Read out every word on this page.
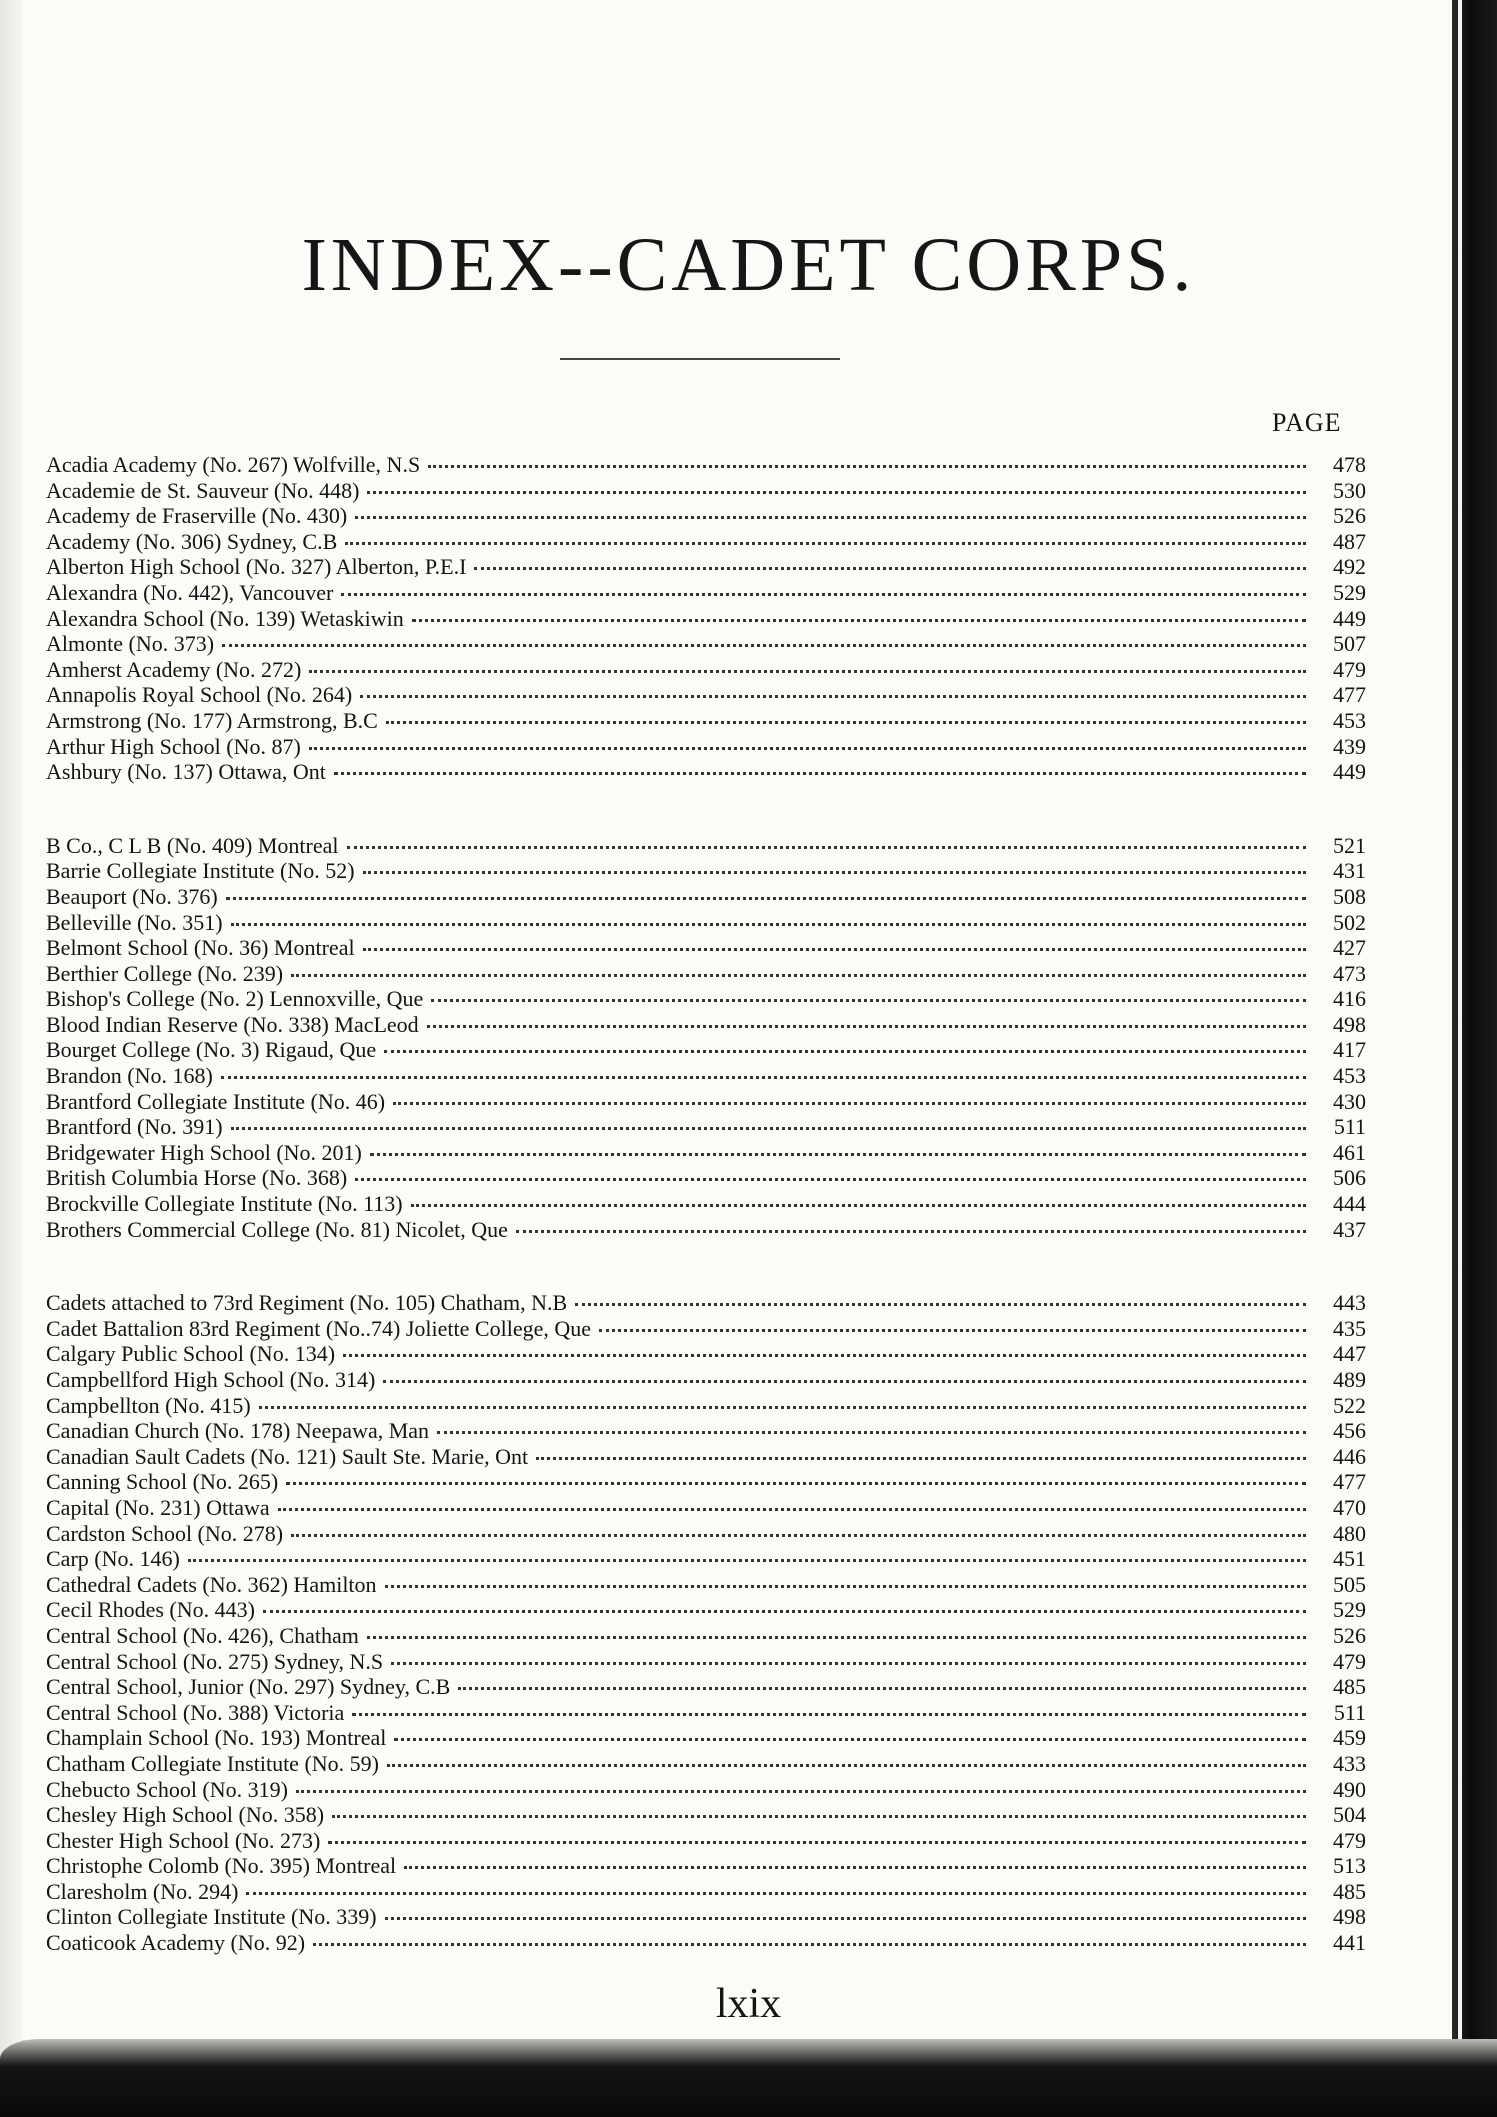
INDEX--CADET CORPS.
PAGE
Acadia Academy (No. 267) Wolfville, N.S	478
Academie de St. Sauveur (No. 448)	530
Academy de Fraserville (No. 430)	526
Academy (No. 306) Sydney, C.B	487
Alberton High School (No. 327) Alberton, P.E.I	492
Alexandra (No. 442), Vancouver	529
Alexandra School (No. 139) Wetaskiwin	449
Almonte (No. 373)	507
Amherst Academy (No. 272)	479
Annapolis Royal School (No. 264)	477
Armstrong (No. 177) Armstrong, B.C	453
Arthur High School (No. 87)	439
Ashbury (No. 137) Ottawa, Ont	449
B Co., C L B (No. 409) Montreal	521
Barrie Collegiate Institute (No. 52)	431
Beauport (No. 376)	508
Belleville (No. 351)	502
Belmont School (No. 36) Montreal	427
Berthier College (No. 239)	473
Bishop's College (No. 2) Lennoxville, Que	416
Blood Indian Reserve (No. 338) MacLeod	498
Bourget College (No. 3) Rigaud, Que	417
Brandon (No. 168)	453
Brantford Collegiate Institute (No. 46)	430
Brantford (No. 391)	511
Bridgewater High School (No. 201)	461
British Columbia Horse (No. 368)	506
Brockville Collegiate Institute (No. 113)	444
Brothers Commercial College (No. 81) Nicolet, Que	437
Cadets attached to 73rd Regiment (No. 105) Chatham, N.B	443
Cadet Battalion 83rd Regiment (No..74) Joliette College, Que	435
Calgary Public School (No. 134)	447
Campbellford High School (No. 314)	489
Campbellton (No. 415)	522
Canadian Church (No. 178) Neepawa, Man	456
Canadian Sault Cadets (No. 121) Sault Ste. Marie, Ont	446
Canning School (No. 265)	477
Capital (No. 231) Ottawa	470
Cardston School (No. 278)	480
Carp (No. 146)	451
Cathedral Cadets (No. 362) Hamilton	505
Cecil Rhodes (No. 443)	529
Central School (No. 426), Chatham	526
Central School (No. 275) Sydney, N.S	479
Central School, Junior (No. 297) Sydney, C.B	485
Central School (No. 388) Victoria	511
Champlain School (No. 193) Montreal	459
Chatham Collegiate Institute (No. 59)	433
Chebucto School (No. 319)	490
Chesley High School (No. 358)	504
Chester High School (No. 273)	479
Christophe Colomb (No. 395) Montreal	513
Claresholm (No. 294)	485
Clinton Collegiate Institute (No. 339)	498
Coaticook Academy (No. 92)	441
lxix
